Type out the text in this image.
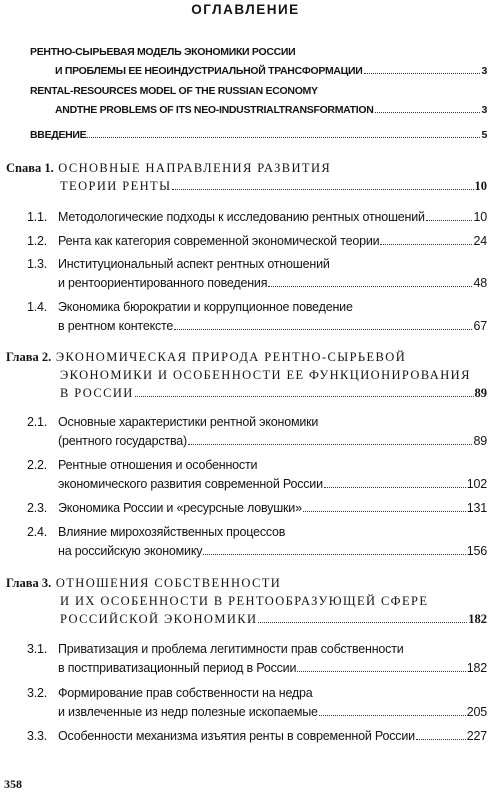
ОГЛАВЛЕНИЕ
РЕНТНО-СЫРЬЕВАЯ МОДЕЛЬ ЭКОНОМИКИ РОССИИ
И ПРОБЛЕМЫ ЕЕ НЕОИНДУСТРИАЛЬНОЙ ТРАНСФОРМАЦИИ	3
RENTAL-RESOURCES MODEL OF THE RUSSIAN ECONOMY
ANDTHE PROBLEMS OF ITS NEO-INDUSTRIALTRANSFORMATION	3
ВВЕДЕНИЕ	5
Сnава 1. ОСНОВНЫЕ НАПРАВЛЕНИЯ РАЗВИТИЯ
ТЕОРИИ РЕНТЫ	10
1.1. Методологические подходы к исследованию рентных отношений	10
1.2. Рента как категория современной экономической теории	24
1.3. Институциональный аспект рентных отношений
и рентоориентированного поведения	48
1.4. Экономика бюрократии и коррупционное поведение
в рентном контексте	67
Глава 2. ЭКОНОМИЧЕСКАЯ ПРИРОДА РЕНТНО-СЫРЬЕВОЙ
ЭКОНОМИКИ И ОСОБЕННОСТИ ЕЕ ФУНКЦИОНИРОВАНИЯ
В РОССИИ	89
2.1. Основные характеристики рентной экономики
(рентного государства)	89
2.2. Рентные отношения и особенности
экономического развития современной России	102
2.3. Экономика России и «ресурсные ловушки»	131
2.4. Влияние мирохозяйственных процессов
на российскую экономику	156
Глава 3. ОТНОШЕНИЯ СОБСТВЕННОСТИ
И ИХ ОСОБЕННОСТИ В РЕНТООБРАЗУЮЩЕЙ СФЕРЕ
РОССИЙСКОЙ ЭКОНОМИКИ	182
3.1. Приватизация и проблема легитимности прав собственности
в постприватизационный период в России	182
3.2. Формирование прав собственности на недра
и извлеченные из недр полезные ископаемые	205
3.3. Особенности механизма изъятия ренты в современной России	227
358
